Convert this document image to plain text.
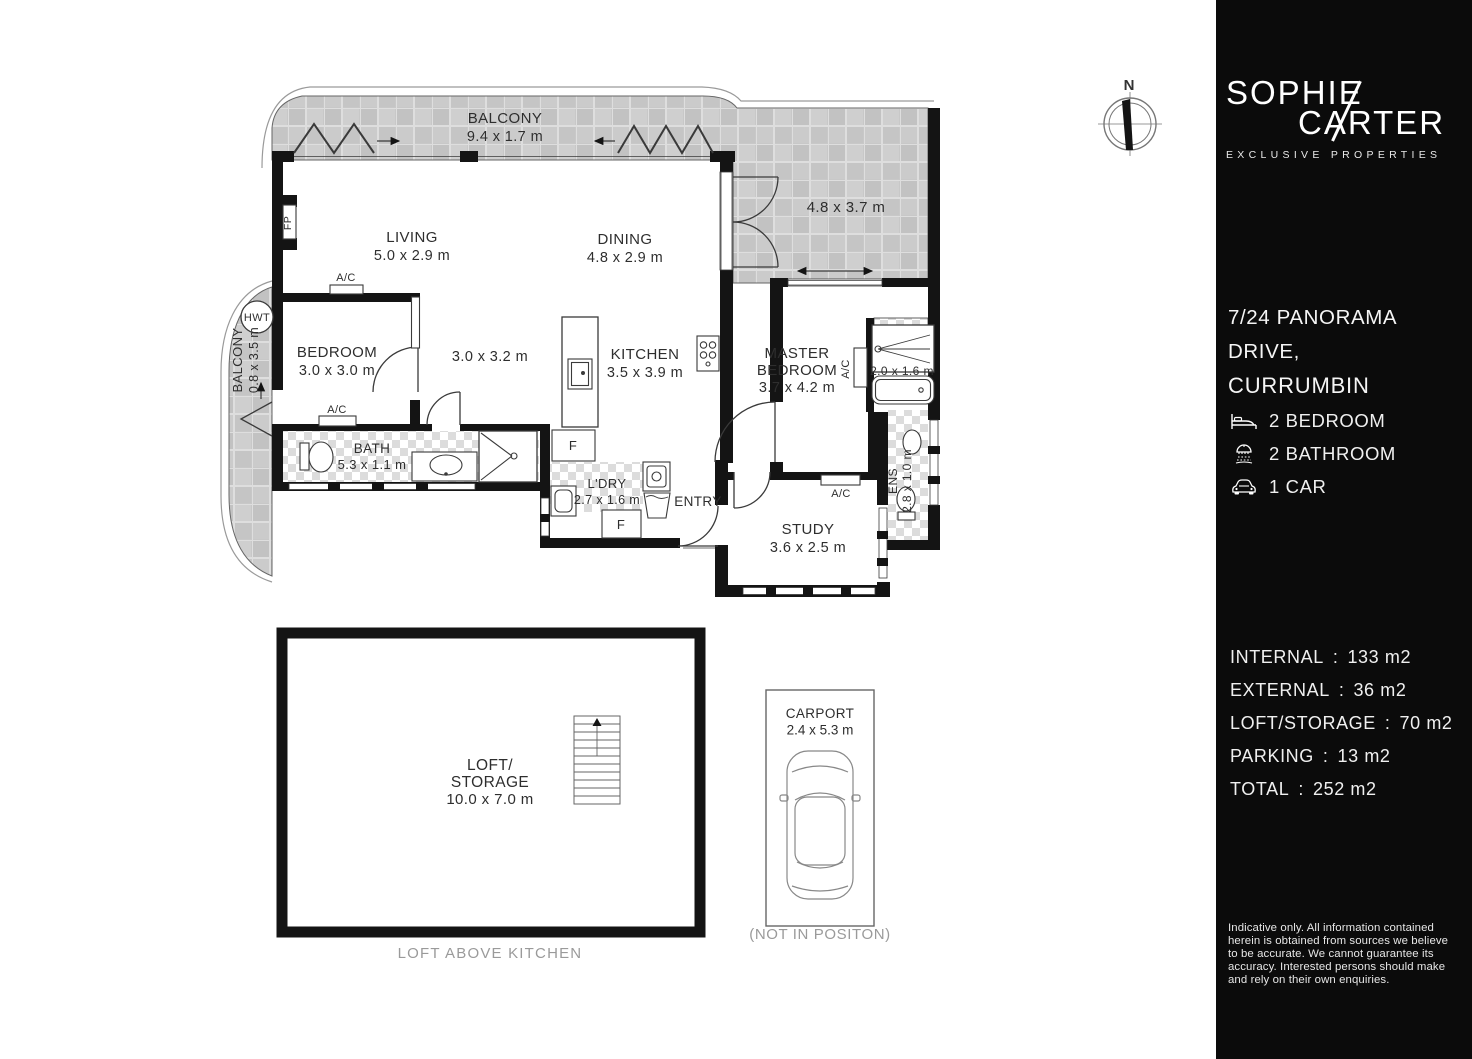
BALCONY
9.4 x 1.7 m
4.8 x 3.7 m
LIVING
5.0 x 2.9 m
DINING
4.8 x 2.9 m
BEDROOM
3.0 x 3.0 m
3.0 x 3.2 m	KITCHEN
3.5 x 3.9 m
MASTER
BEDROOM
3.7 x 4.2 m
BATH
5.3 x 1.1 m
L'DRY
2.7 x 1.6 m	ENTRY
STUDY
3.6 x 2.5 m
2.0 x 1.6 m
ENS 2.8 x 1.0 m
BALCONY 0.8 x 3.5 m
FP
HWT
A/C
A/C
A/C
A/C
F
F
N
LOFT/
STORAGE
10.0 x 7.0 m
LOFT ABOVE KITCHEN
CARPORT
2.4 x 5.3 m
(NOT IN POSITON)
SOPHIE
CARTER
EXCLUSIVE PROPERTIES
7/24 PANORAMA DRIVE,
CURRUMBIN
2 BEDROOM
2 BATHROOM
1 CAR
INTERNAL : 133 m2
EXTERNAL : 36 m2
LOFT/STORAGE : 70 m2
PARKING : 13 m2
TOTAL : 252 m2

Indicative only. All information contained herein is obtained from sources we believe to be accurate. We cannot guarantee its accuracy. Interested persons should make and rely on their own enquiries.
